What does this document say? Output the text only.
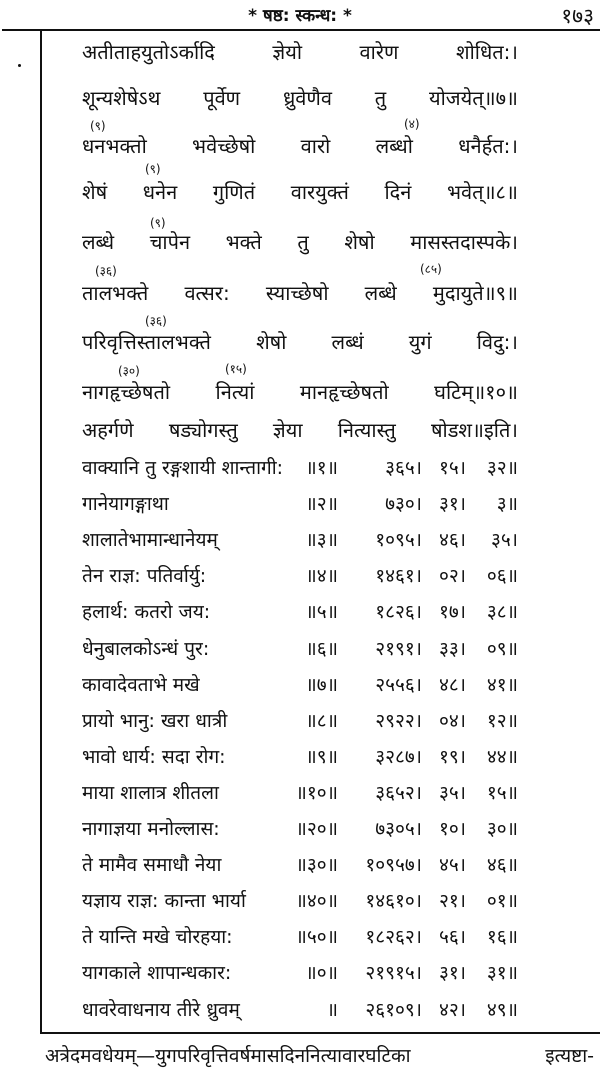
* षष्ठ: स्कन्ध: *	१७३
(९)	(४)
(९)
(९)
(३६)	(८५)
(३६)
(३०)	(१५)
अतीताहयुतोऽर्कादि	ज्ञेयो	वारेण	शोधित:।
शून्यशेषेऽथ पूर्वेण ध्रुवेणैव तु योजयेत्॥७॥
धनभक्तो भवेच्छेषो वारो लब्धो धनैर्हत:।
शेषं धनेन गुणितं वारयुक्तं दिनं भवेत्॥८॥
लब्धे चापेन भक्ते तु शेषो मासस्तदास्पके।
तालभक्ते वत्सर: स्याच्छेषो लब्धे मुदायुते॥९॥
परिवृत्तिस्तालभक्ते शेषो लब्धं युगं विदु:।
नागहृच्छेषतो नित्यां मानहृच्छेषतो घटिम्॥१०॥
अहर्गणे षड्योगस्तु ज्ञेया नित्यास्तु षोडश॥इति।
वाक्यानि तु रङ्गशायी शान्तागी: ॥१॥ ३६५। १५। ३२॥
गानेयागङ्गाथा	॥२॥ ७३०। ३१। ३॥
शालातेभामान्धानेयम्	॥३॥ १०९५। ४६। ३५।
तेन राज्ञ: पतिर्वार्यु:	॥४॥ १४६१। ०२। ०६॥
हलार्थ: कतरो जय:	॥५॥ १८२६। १७। ३८॥
धेनुबालकोऽन्धं पुर:	॥६॥ २१९१। ३३। ०९॥
कावादेवताभे मखे	॥७॥ २५५६। ४८। ४१॥
प्रायो भानु: खरा धात्री	॥८॥ २९२२। ०४। १२॥
भावो धार्य: सदा रोग:	॥९॥ ३२८७। १९। ४४॥
माया शालात्र शीतला	॥१०॥ ३६५२। ३५। १५॥
नागाज्ञया मनोल्लास:	॥२०॥ ७३०५। १०। ३०॥
ते मामैव समाधौ नेया	॥३०॥ १०९५७। ४५। ४६॥
यज्ञाय राज्ञ: कान्ता भार्या	॥४०॥ १४६१०। २१। ०१॥
ते यान्ति मखे चोरहया:	॥५०॥ १८२६२। ५६। १६॥
यागकाले शापान्धकार:	॥०॥ २१९१५। ३१। ३१॥
धावरेवाधनाय तीरे ध्रुवम्	॥ २६१०९। ४२। ४९॥
अत्रेदमवधेयम्—युगपरिवृत्तिवर्षमासदिननित्यावारघटिका	इत्यष्टा-
